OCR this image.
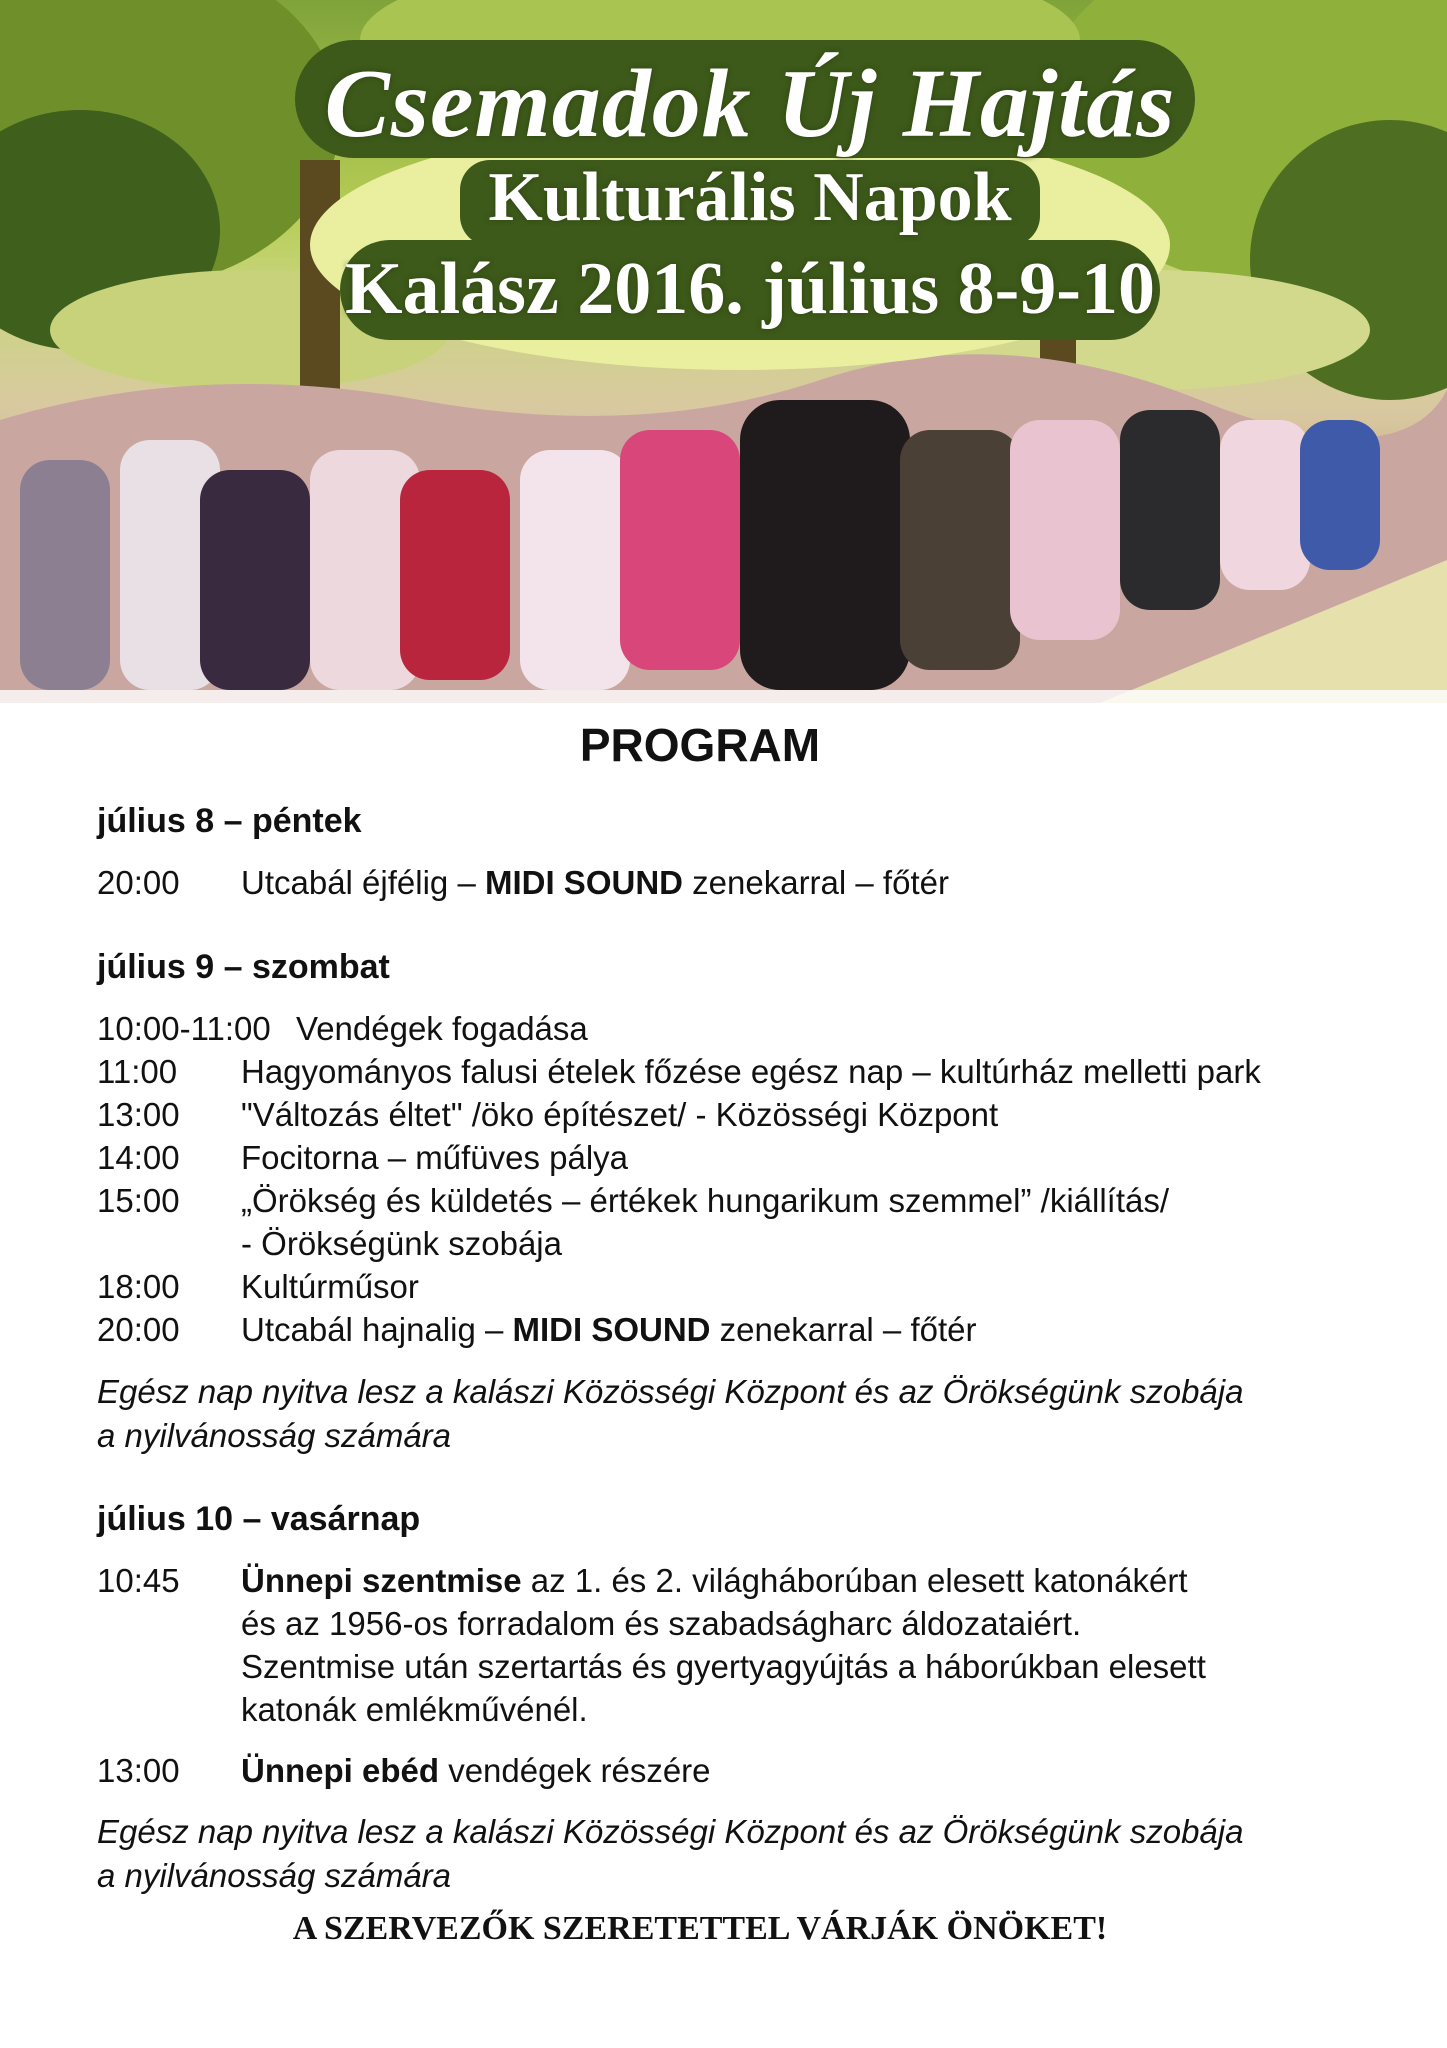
Csemadok Új Hajtás
Kulturális Napok
Kalász 2016. július 8-9-10
PROGRAM
július 8 – péntek
20:00 Utcabál éjfélig – MIDI SOUND zenekarral – főtér
július 9 – szombat
10:00-11:00 Vendégek fogadása
11:00 Hagyományos falusi ételek főzése egész nap – kultúrház melletti park
13:00 "Változás éltet" /öko építészet/ - Közösségi Központ
14:00 Focitorna – műfüves pálya
15:00 „Örökség és küldetés – értékek hungarikum szemmel” /kiállítás/
- Örökségünk szobája
18:00 Kultúrműsor
20:00 Utcabál hajnalig – MIDI SOUND zenekarral – főtér
Egész nap nyitva lesz a kalászi Közösségi Központ és az Örökségünk szobája
a nyilvánosság számára
július 10 – vasárnap
10:45 Ünnepi szentmise az 1. és 2. világháborúban elesett katonákért
és az 1956-os forradalom és szabadságharc áldozataiért.
Szentmise után szertartás és gyertyagyújtás a háborúkban elesett
katonák emlékművénél.
13:00 Ünnepi ebéd vendégek részére
Egész nap nyitva lesz a kalászi Közösségi Központ és az Örökségünk szobája
a nyilvánosság számára
A SZERVEZŐK SZERETETTEL VÁRJÁK ÖNÖKET!
